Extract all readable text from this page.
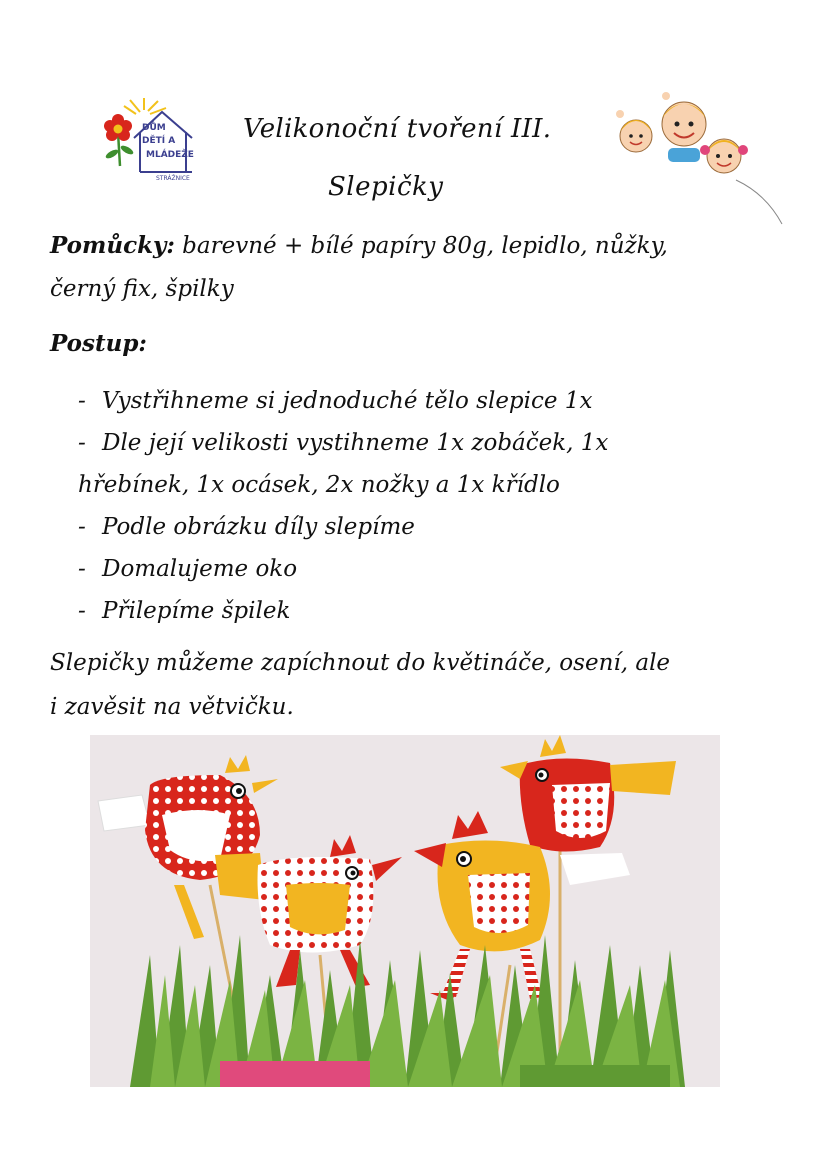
DŮM
DĚTÍ A
MLÁDEŽE
STRÁŽNICE
Velikonoční tvoření III.
Slepičky
Pomůcky: barevné + bílé papíry 80g, lepidlo, nůžky,
černý fix, špilky
Postup:
- Vystřihneme si jednoduché tělo slepice 1x
- Dle její velikosti vystihneme 1x zobáček, 1x
hřebínek, 1x ocásek, 2x nožky a 1x křídlo
- Podle obrázku díly slepíme
- Domalujeme oko
- Přilepíme špilek
Slepičky můžeme zapíchnout do květináče, osení, ale
i zavěsit na větvičku.
